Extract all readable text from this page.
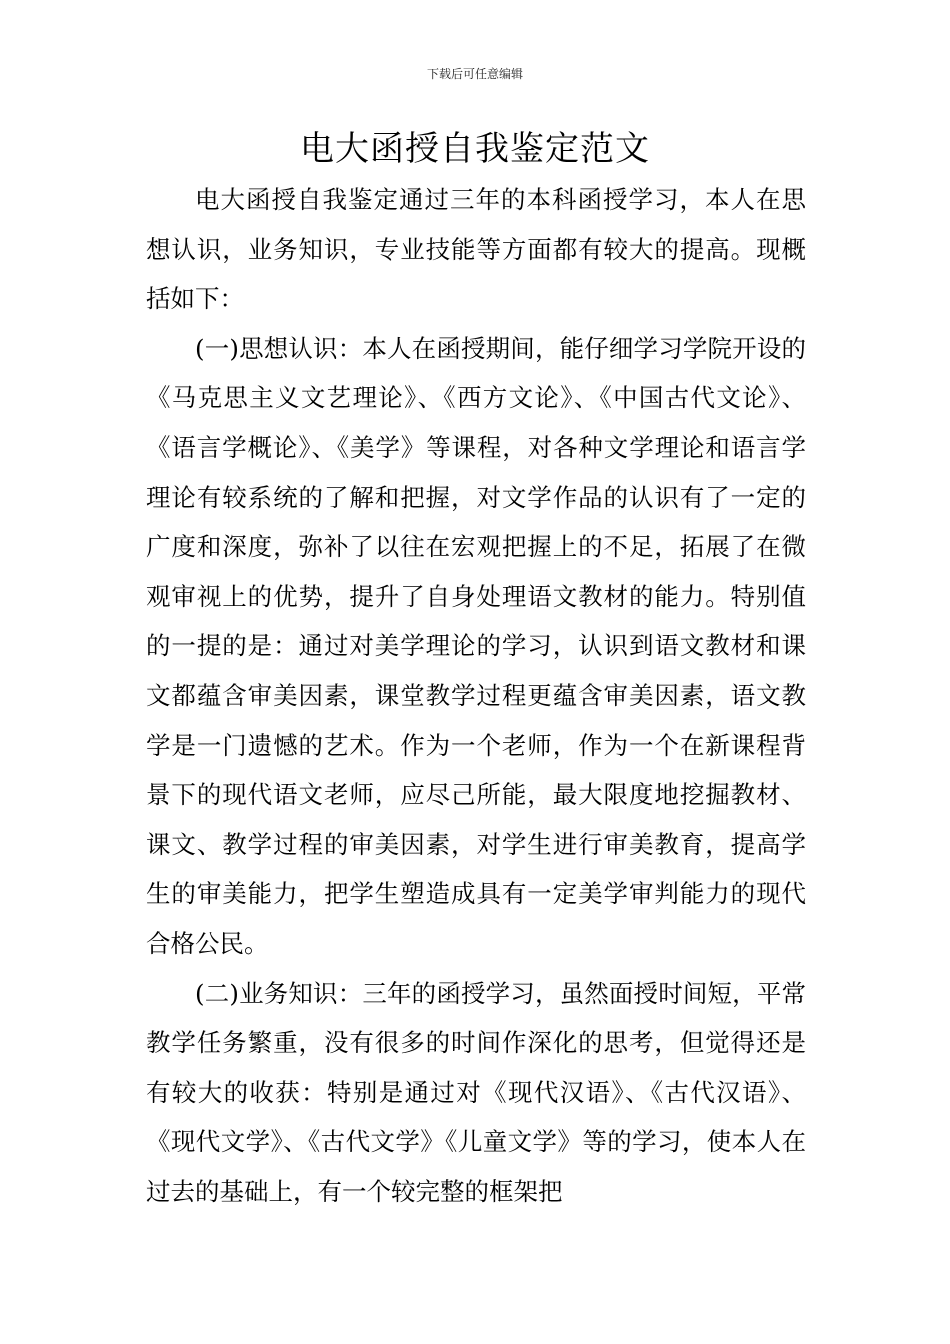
下载后可任意编辑
电大函授自我鉴定范文

电大函授自我鉴定通过三年的本科函授学习，本人在思想认识，业务知识，专业技能等方面都有较大的提高。现概括如下：

(一)思想认识：本人在函授期间，能仔细学习学院开设的《马克思主义文艺理论》、《西方文论》、《中国古代文论》、《语言学概论》、《美学》等课程，对各种文学理论和语言学理论有较系统的了解和把握，对文学作品的认识有了一定的广度和深度，弥补了以往在宏观把握上的不足，拓展了在微观审视上的优势，提升了自身处理语文教材的能力。特别值的一提的是：通过对美学理论的学习，认识到语文教材和课文都蕴含审美因素，课堂教学过程更蕴含审美因素，语文教学是一门遗憾的艺术。作为一个老师，作为一个在新课程背景下的现代语文老师，应尽己所能，最大限度地挖掘教材、课文、教学过程的审美因素，对学生进行审美教育，提高学生的审美能力，把学生塑造成具有一定美学审判能力的现代合格公民。

(二)业务知识：三年的函授学习，虽然面授时间短，平常教学任务繁重，没有很多的时间作深化的思考，但觉得还是有较大的收获：特别是通过对《现代汉语》、《古代汉语》、《现代文学》、《古代文学》《儿童文学》等的学习，使本人在过去的基础上，有一个较完整的框架把
